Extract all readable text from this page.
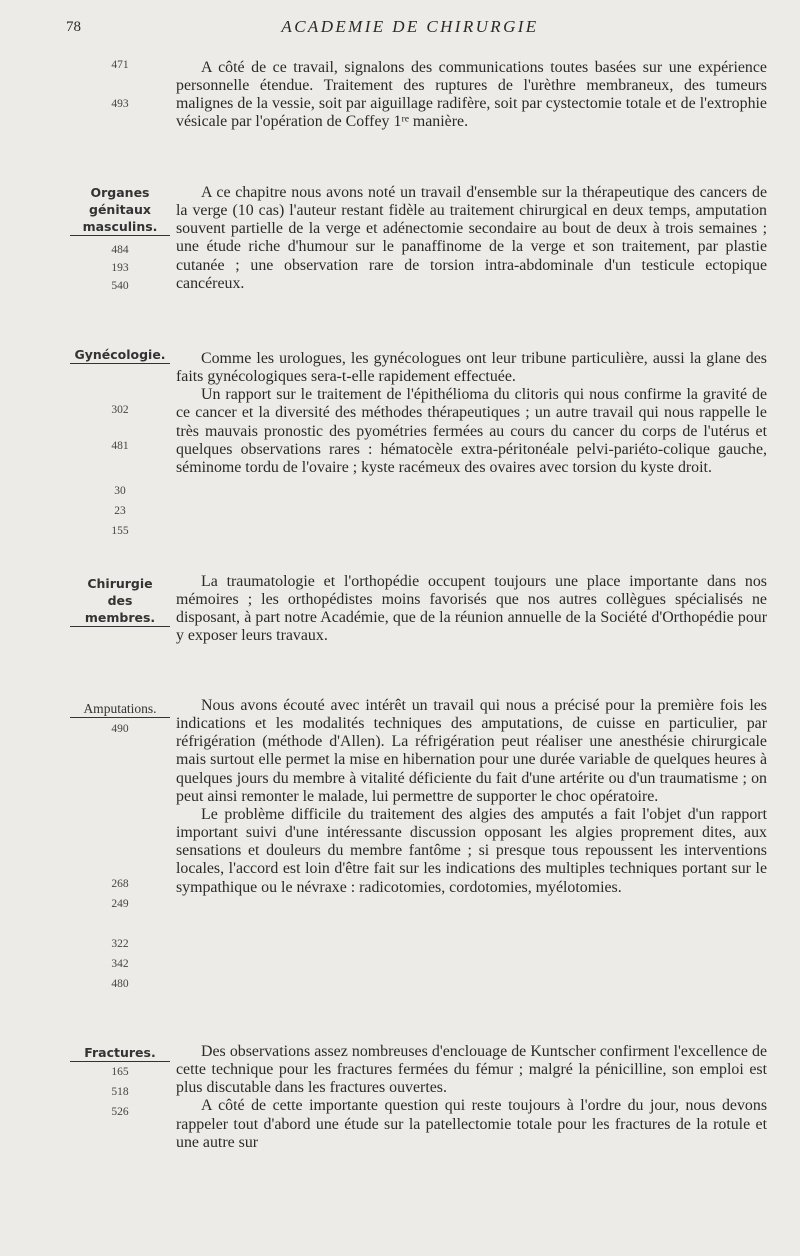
78	ACADEMIE DE CHIRURGIE
471
493
Organes
génitaux
masculins.
484
193
540
Gynécologie.
302
481
30
23
155
Chirurgie
des
membres.
Amputations.
490
268
249
322
342
480
Fractures.
165
518
526

A côté de ce travail, signalons des communications toutes basées sur une expérience personnelle étendue. Traitement des ruptures de l'urèthre membraneux, des tumeurs malignes de la vessie, soit par aiguillage radifère, soit par cystectomie totale et de l'extrophie vésicale par l'opération de Coffey 1ʳᵉ manière.

A ce chapitre nous avons noté un travail d'ensemble sur la thérapeutique des cancers de la verge (10 cas) l'auteur restant fidèle au traitement chirurgical en deux temps, amputation souvent partielle de la verge et adénectomie secondaire au bout de deux à trois semaines ; une étude riche d'humour sur le panaffinome de la verge et son traitement, par plastie cutanée ; une observation rare de torsion intra-abdominale d'un testicule ectopique cancéreux.

Comme les urologues, les gynécologues ont leur tribune particulière, aussi la glane des faits gynécologiques sera-t-elle rapidement effectuée.

Un rapport sur le traitement de l'épithélioma du clitoris qui nous confirme la gravité de ce cancer et la diversité des méthodes thérapeutiques ; un autre travail qui nous rappelle le très mauvais pronostic des pyométries fermées au cours du cancer du corps de l'utérus et quelques observations rares : hématocèle extra-péritonéale pelvi-pariéto-colique gauche, séminome tordu de l'ovaire ; kyste racémeux des ovaires avec torsion du kyste droit.

La traumatologie et l'orthopédie occupent toujours une place importante dans nos mémoires ; les orthopédistes moins favorisés que nos autres collègues spécialisés ne disposant, à part notre Académie, que de la réunion annuelle de la Société d'Orthopédie pour y exposer leurs travaux.

Nous avons écouté avec intérêt un travail qui nous a précisé pour la première fois les indications et les modalités techniques des amputations, de cuisse en particulier, par réfrigération (méthode d'Allen). La réfrigération peut réaliser une anesthésie chirurgicale mais surtout elle permet la mise en hibernation pour une durée variable de quelques heures à quelques jours du membre à vitalité déficiente du fait d'une artérite ou d'un traumatisme ; on peut ainsi remonter le malade, lui permettre de supporter le choc opératoire.

Le problème difficile du traitement des algies des amputés a fait l'objet d'un rapport important suivi d'une intéressante discussion opposant les algies proprement dites, aux sensations et douleurs du membre fantôme ; si presque tous repoussent les interventions locales, l'accord est loin d'être fait sur les indications des multiples techniques portant sur le sympathique ou le névraxe : radicotomies, cordotomies, myélotomies.

Des observations assez nombreuses d'enclouage de Kuntscher confirment l'excellence de cette technique pour les fractures fermées du fémur ; malgré la pénicilline, son emploi est plus discutable dans les fractures ouvertes.

A côté de cette importante question qui reste toujours à l'ordre du jour, nous devons rappeler tout d'abord une étude sur la patellectomie totale pour les fractures de la rotule et une autre sur
